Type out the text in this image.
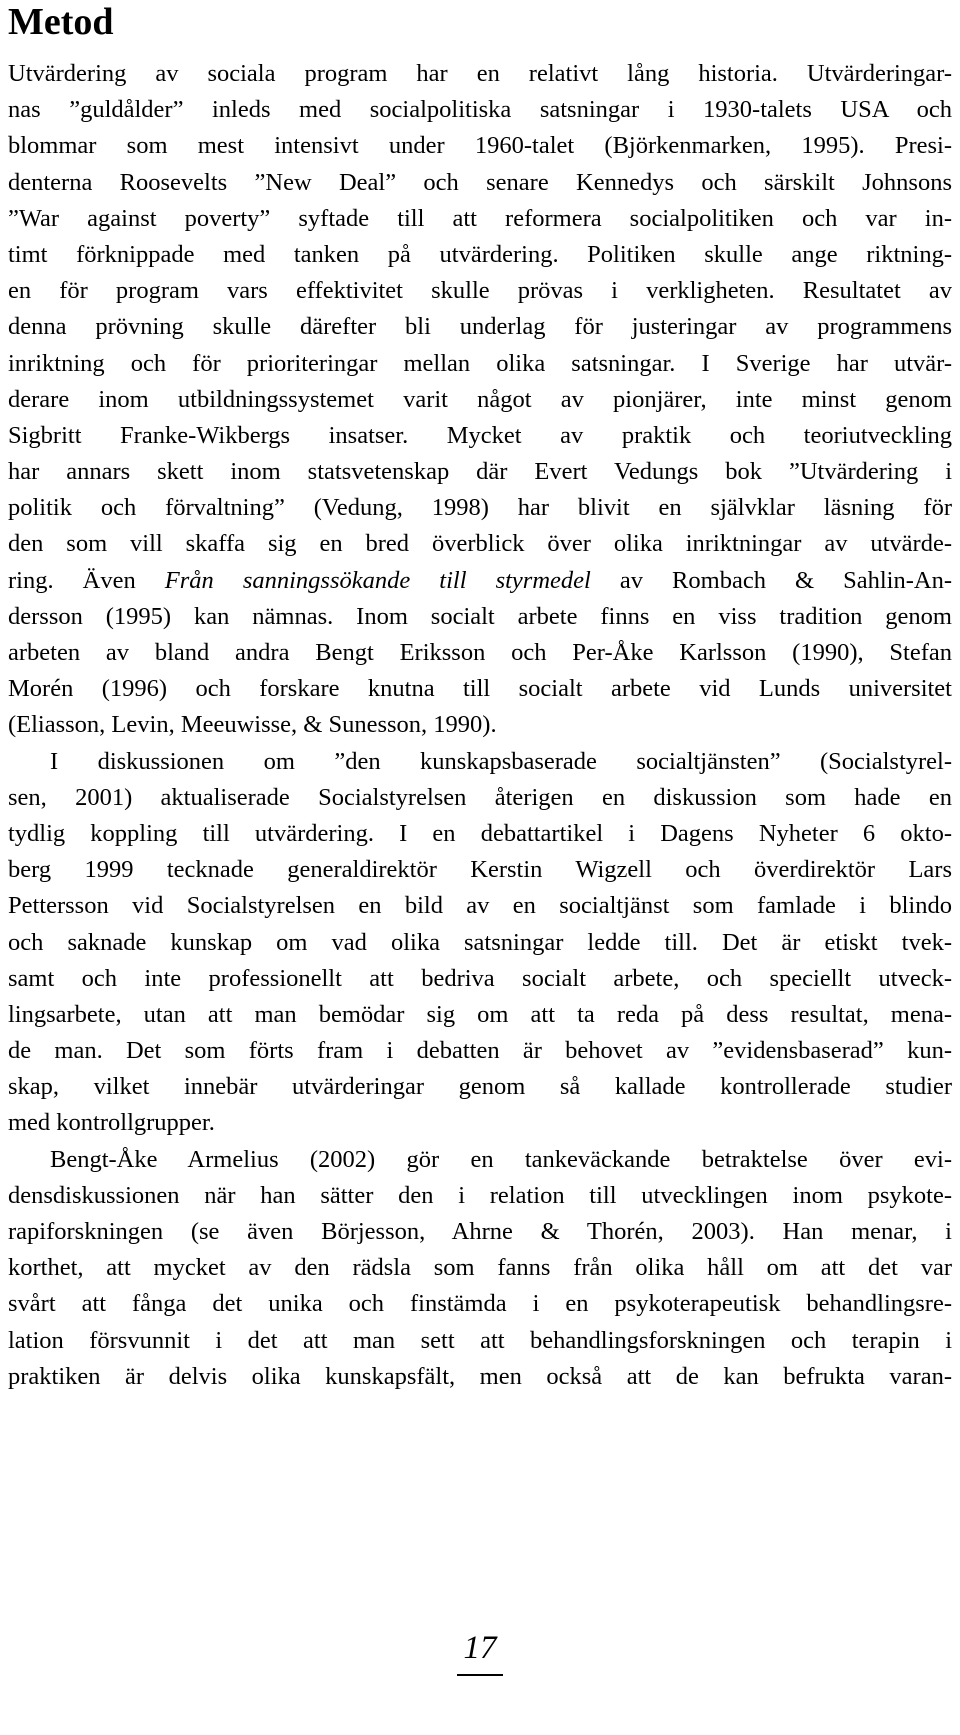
Metod
Utvärdering av sociala program har en relativt lång historia. Utvärderingar-
nas ”guldålder” inleds med socialpolitiska satsningar i 1930-talets USA och
blommar som mest intensivt under 1960-talet (Björkenmarken, 1995). Presi-
denterna Roosevelts ”New Deal” och senare Kennedys och särskilt Johnsons
”War against poverty” syftade till att reformera socialpolitiken och var in-
timt förknippade med tanken på utvärdering. Politiken skulle ange riktning-
en för program vars effektivitet skulle prövas i verkligheten. Resultatet av
denna prövning skulle därefter bli underlag för justeringar av programmens
inriktning och för prioriteringar mellan olika satsningar. I Sverige har utvär-
derare inom utbildningssystemet varit något av pionjärer, inte minst genom
Sigbritt Franke-Wikbergs insatser. Mycket av praktik och teoriutveckling
har annars skett inom statsvetenskap där Evert Vedungs bok ”Utvärdering i
politik och förvaltning” (Vedung, 1998) har blivit en självklar läsning för
den som vill skaffa sig en bred överblick över olika inriktningar av utvärde-
ring. Även Från sanningssökande till styrmedel av Rombach & Sahlin-An-
dersson (1995) kan nämnas. Inom socialt arbete finns en viss tradition genom
arbeten av bland andra Bengt Eriksson och Per-Åke Karlsson (1990), Stefan
Morén (1996) och forskare knutna till socialt arbete vid Lunds universitet
(Eliasson, Levin, Meeuwisse, & Sunesson, 1990).
I diskussionen om ”den kunskapsbaserade socialtjänsten” (Socialstyrel-
sen, 2001) aktualiserade Socialstyrelsen återigen en diskussion som hade en
tydlig koppling till utvärdering. I en debattartikel i Dagens Nyheter 6 okto-
berg 1999 tecknade generaldirektör Kerstin Wigzell och överdirektör Lars
Pettersson vid Socialstyrelsen en bild av en socialtjänst som famlade i blindo
och saknade kunskap om vad olika satsningar ledde till. Det är etiskt tvek-
samt och inte professionellt att bedriva socialt arbete, och speciellt utveck-
lingsarbete, utan att man bemödar sig om att ta reda på dess resultat, mena-
de man. Det som förts fram i debatten är behovet av ”evidensbaserad” kun-
skap, vilket innebär utvärderingar genom så kallade kontrollerade studier
med kontrollgrupper.
Bengt-Åke Armelius (2002) gör en tankeväckande betraktelse över evi-
densdiskussionen när han sätter den i relation till utvecklingen inom psykote-
rapiforskningen (se även Börjesson, Ahrne & Thorén, 2003). Han menar, i
korthet, att mycket av den rädsla som fanns från olika håll om att det var
svårt att fånga det unika och finstämda i en psykoterapeutisk behandlingsre-
lation försvunnit i det att man sett att behandlingsforskningen och terapin i
praktiken är delvis olika kunskapsfält, men också att de kan befrukta varan-
17
